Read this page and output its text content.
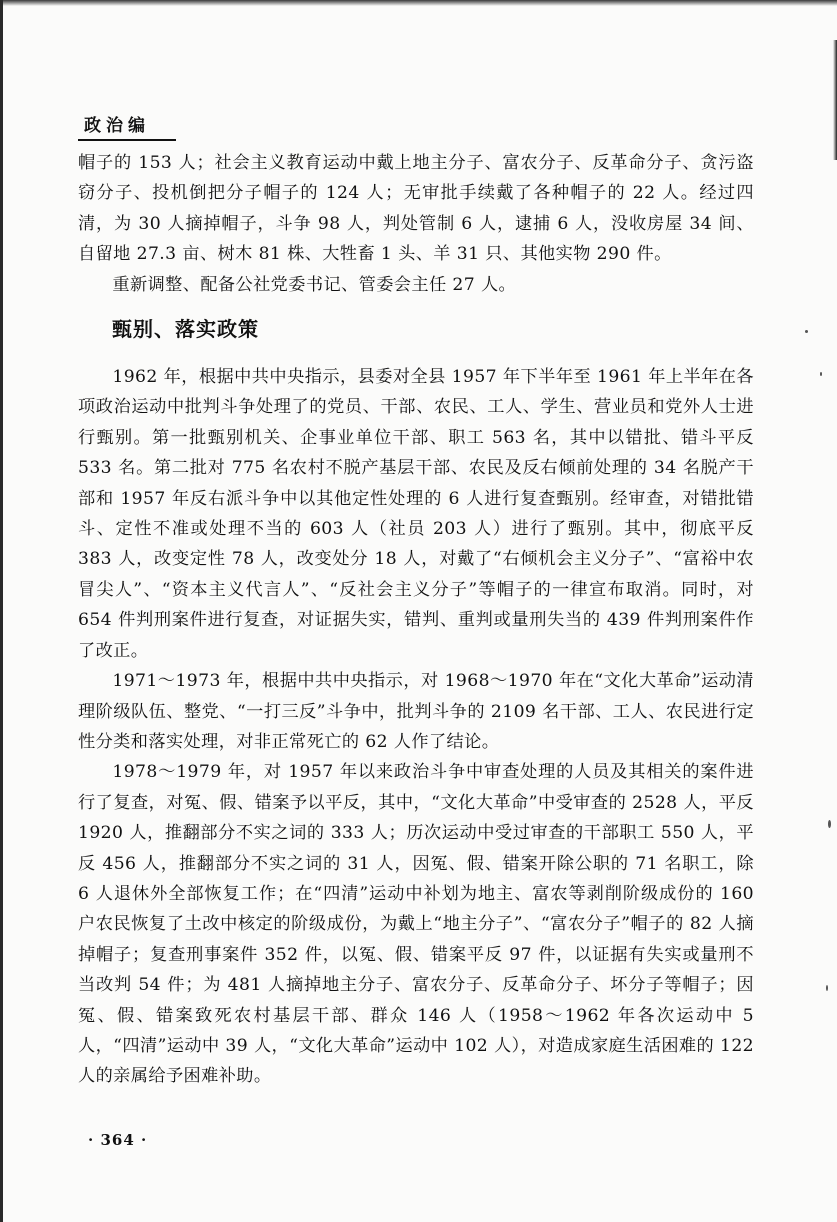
政治编

帽子的 153 人；社会主义教育运动中戴上地主分子、富农分子、反革命分子、贪污盗窃分子、投机倒把分子帽子的 124 人；无审批手续戴了各种帽子的 22 人。经过四清，为 30 人摘掉帽子，斗争 98 人，判处管制 6 人，逮捕 6 人，没收房屋 34 间、自留地 27.3 亩、树木 81 株、大牲畜 1 头、羊 31 只、其他实物 290 件。

重新调整、配备公社党委书记、管委会主任 27 人。

甄别、落实政策

1962 年，根据中共中央指示，县委对全县 1957 年下半年至 1961 年上半年在各项政治运动中批判斗争处理了的党员、干部、农民、工人、学生、营业员和党外人士进行甄别。第一批甄别机关、企事业单位干部、职工 563 名，其中以错批、错斗平反 533 名。第二批对 775 名农村不脱产基层干部、农民及反右倾前处理的 34 名脱产干部和 1957 年反右派斗争中以其他定性处理的 6 人进行复查甄别。经审查，对错批错斗、定性不准或处理不当的 603 人（社员 203 人）进行了甄别。其中，彻底平反 383 人，改变定性 78 人，改变处分 18 人，对戴了“右倾机会主义分子”、“富裕中农冒尖人”、“资本主义代言人”、“反社会主义分子”等帽子的一律宣布取消。同时，对 654 件判刑案件进行复查，对证据失实，错判、重判或量刑失当的 439 件判刑案件作了改正。

1971～1973 年，根据中共中央指示，对 1968～1970 年在“文化大革命”运动清理阶级队伍、整党、“一打三反”斗争中，批判斗争的 2109 名干部、工人、农民进行定性分类和落实处理，对非正常死亡的 62 人作了结论。

1978～1979 年，对 1957 年以来政治斗争中审查处理的人员及其相关的案件进行了复查，对冤、假、错案予以平反，其中，“文化大革命”中受审查的 2528 人，平反 1920 人，推翻部分不实之词的 333 人；历次运动中受过审查的干部职工 550 人，平反 456 人，推翻部分不实之词的 31 人，因冤、假、错案开除公职的 71 名职工，除 6 人退休外全部恢复工作；在“四清”运动中补划为地主、富农等剥削阶级成份的 160 户农民恢复了土改中核定的阶级成份，为戴上“地主分子”、“富农分子”帽子的 82 人摘掉帽子；复查刑事案件 352 件，以冤、假、错案平反 97 件，以证据有失实或量刑不当改判 54 件；为 481 人摘掉地主分子、富农分子、反革命分子、坏分子等帽子；因冤、假、错案致死农村基层干部、群众 146 人（1958～1962 年各次运动中 5 人，“四清”运动中 39 人，“文化大革命”运动中 102 人），对造成家庭生活困难的 122 人的亲属给予困难补助。

· 364 ·
